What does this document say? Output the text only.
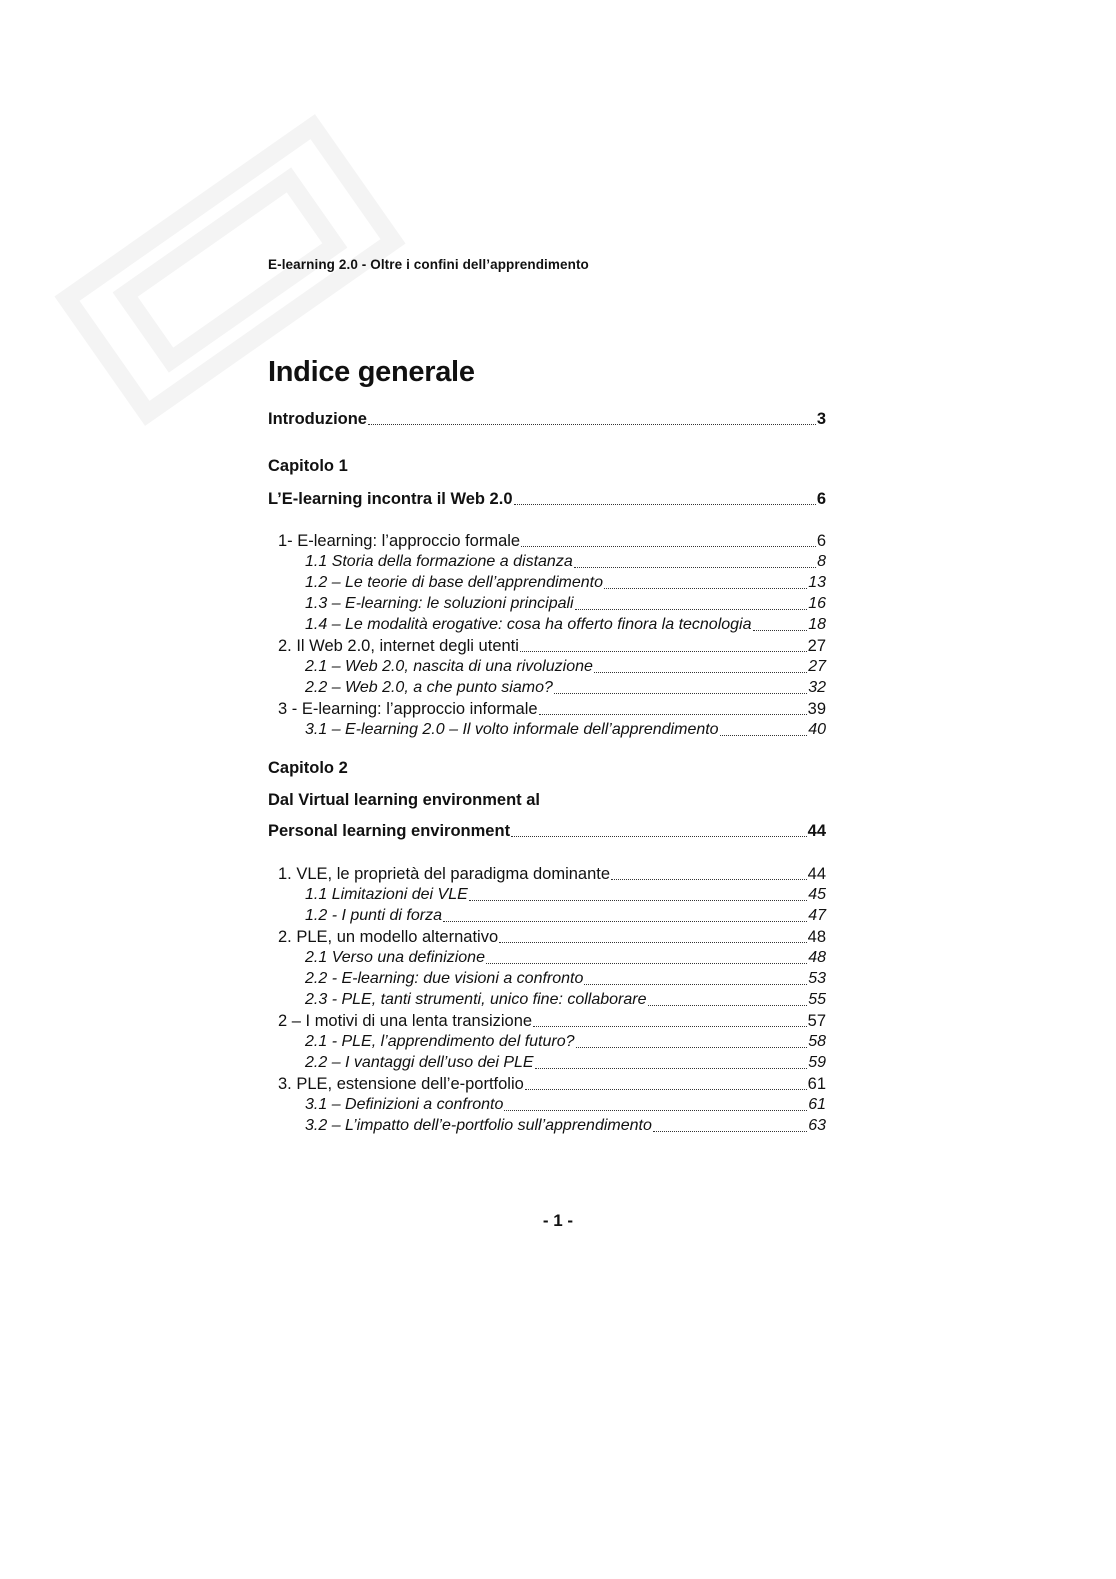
E-learning 2.0 - Oltre i confini dell’apprendimento
Indice generale
Introduzione	3
Capitolo 1
L’E-learning incontra il Web 2.0	6
1- E-learning: l’approccio formale	6
1.1 Storia della formazione a distanza	8
1.2 – Le teorie di base dell’apprendimento	13
1.3 – E-learning: le soluzioni principali	16
1.4 – Le modalità erogative: cosa ha offerto finora la tecnologia	18
2. Il Web 2.0, internet degli utenti	27
2.1 – Web 2.0, nascita di una rivoluzione	27
2.2 – Web 2.0, a che punto siamo?	32
3 - E-learning: l’approccio informale	39
3.1 – E-learning 2.0 – Il volto informale dell’apprendimento	40
Capitolo 2
Dal Virtual learning environment al
Personal learning environment	44
1. VLE, le proprietà del paradigma dominante	44
1.1 Limitazioni dei VLE	45
1.2 - I punti di forza	47
2. PLE, un modello alternativo	48
2.1 Verso una definizione	48
2.2 - E-learning: due visioni a confronto	53
2.3 - PLE, tanti strumenti, unico fine: collaborare	55
2 – I motivi di una lenta transizione	57
2.1 - PLE, l’apprendimento del futuro?	58
2.2 – I vantaggi dell’uso dei PLE	59
3. PLE, estensione dell’e-portfolio	61
3.1 – Definizioni a confronto	61
3.2 – L’impatto dell’e-portfolio sull’apprendimento	63
- 1 -
